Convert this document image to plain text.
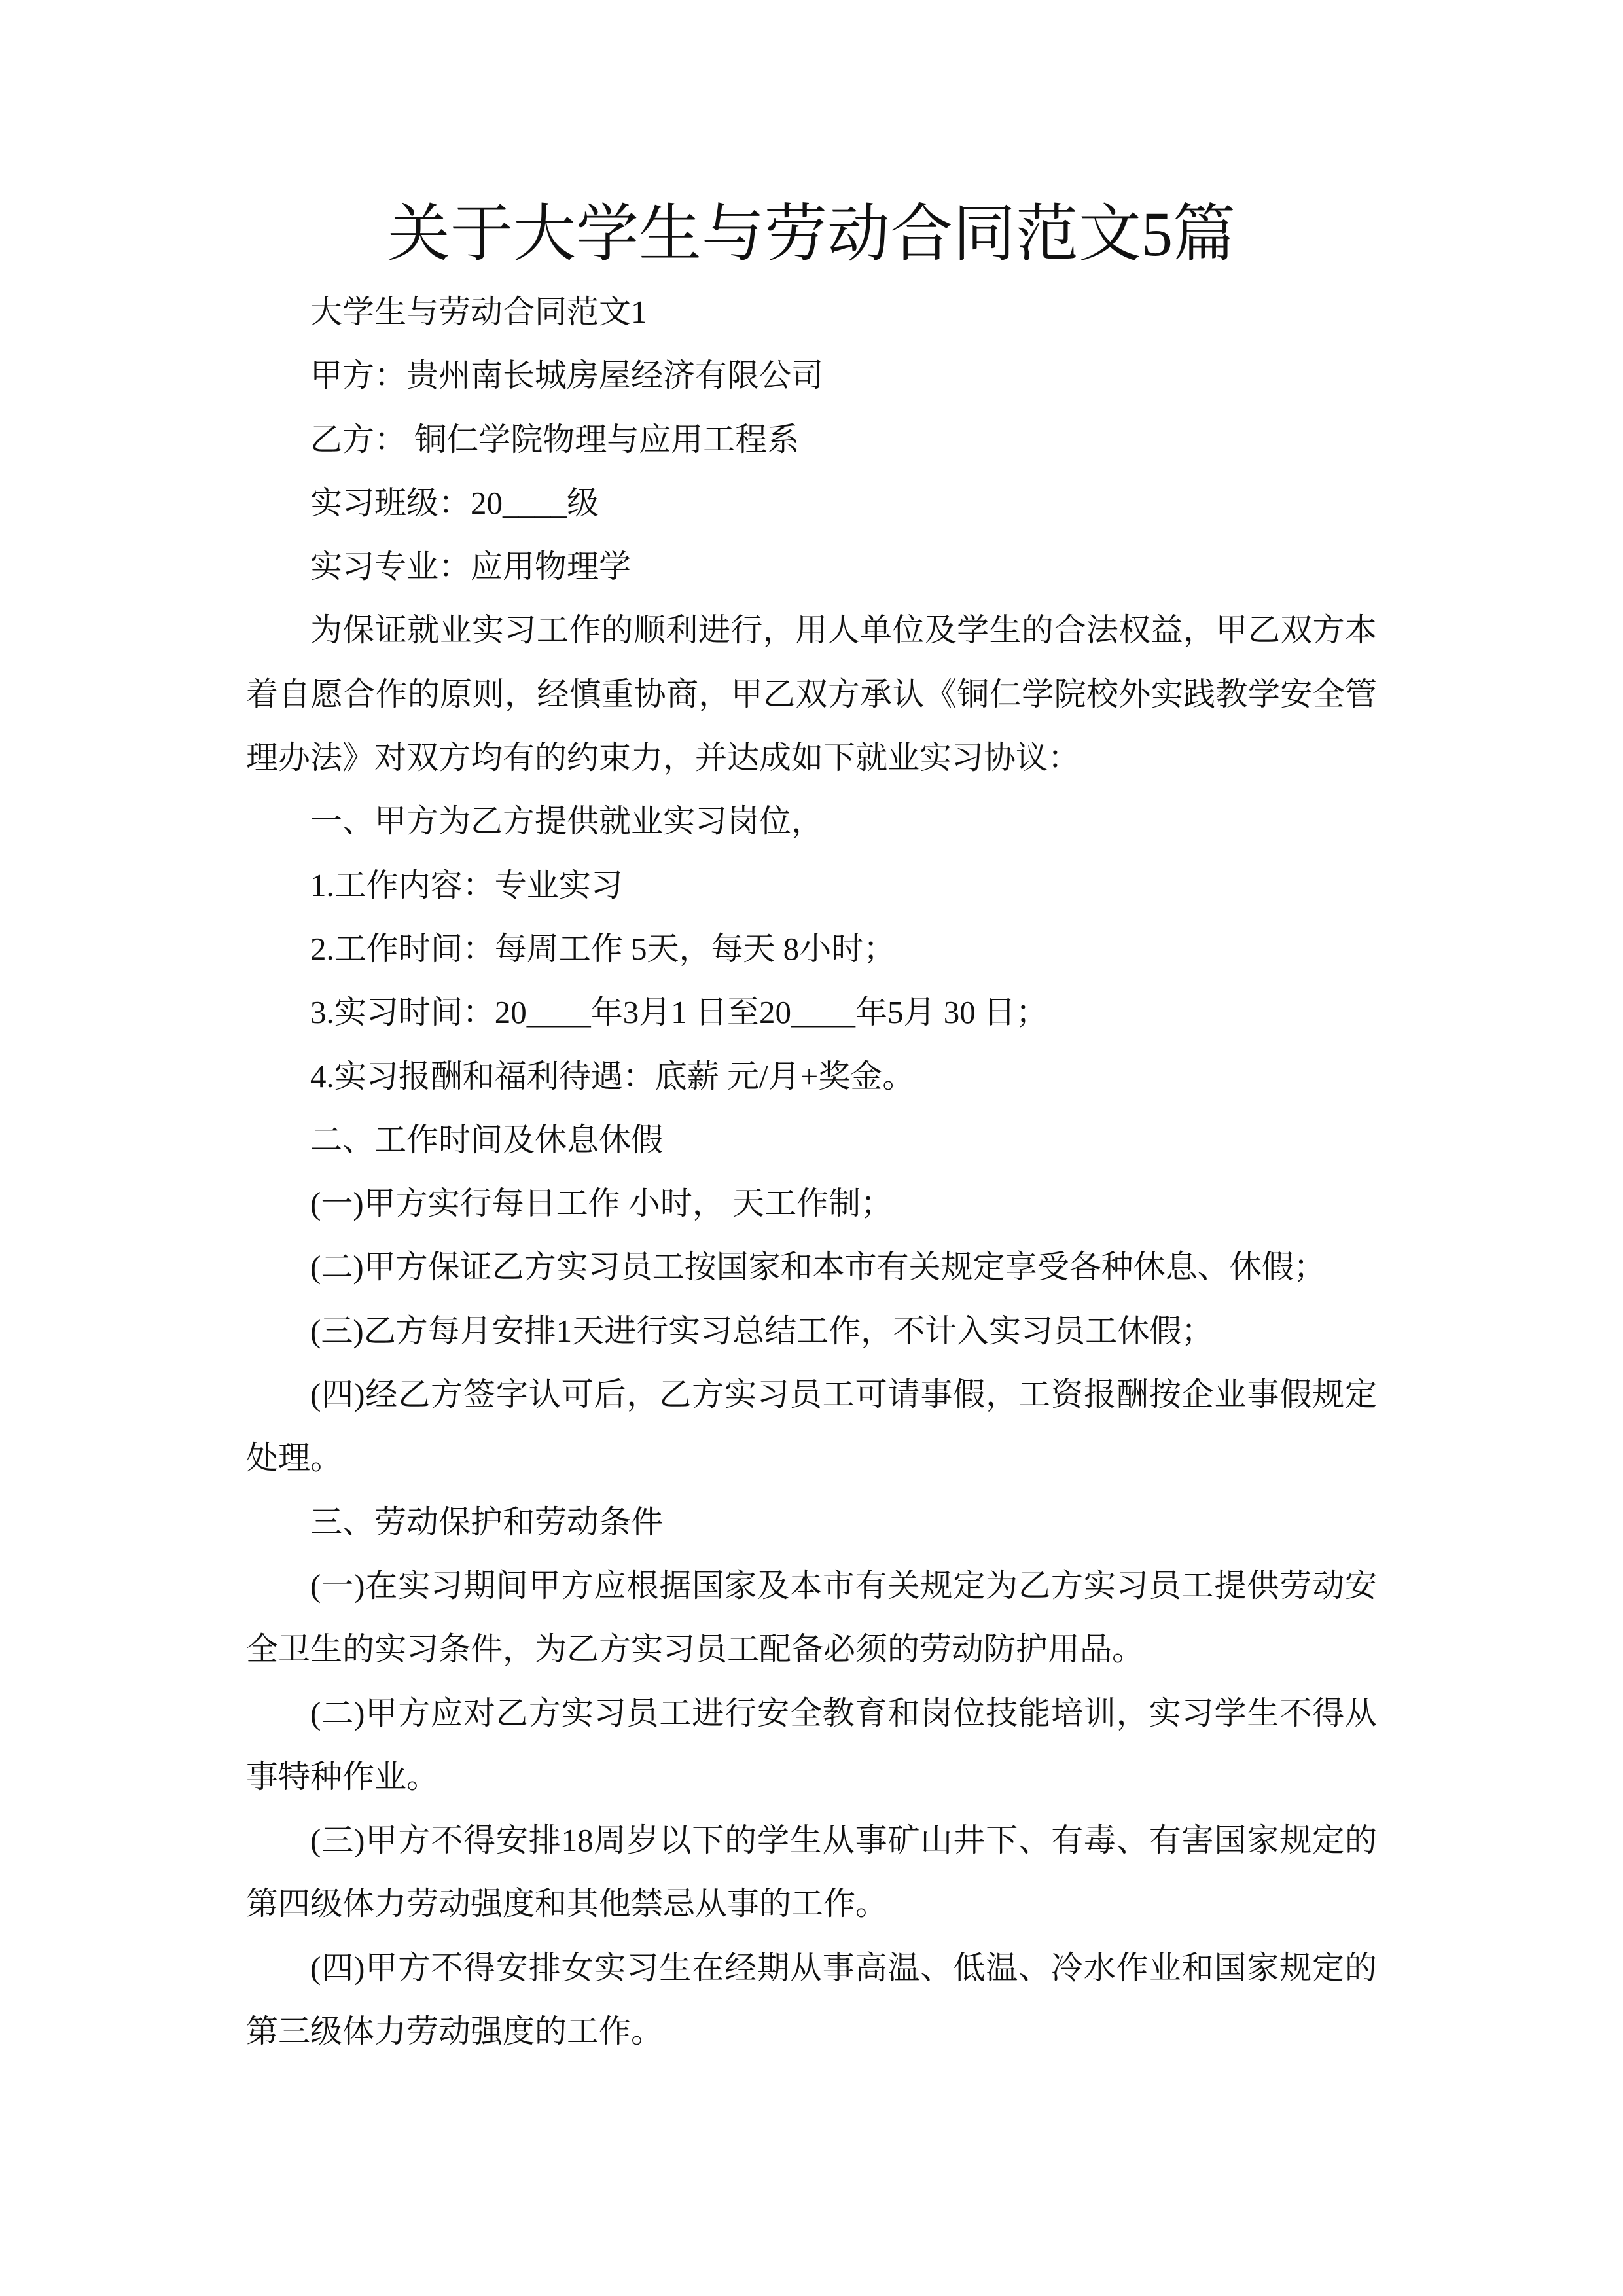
关于大学生与劳动合同范文5篇

大学生与劳动合同范文1

甲方：贵州南长城房屋经济有限公司

乙方： 铜仁学院物理与应用工程系

实习班级：20____级

实习专业：应用物理学

为保证就业实习工作的顺利进行，用人单位及学生的合法权益，甲乙双方本着自愿合作的原则，经慎重协商，甲乙双方承认《铜仁学院校外实践教学安全管理办法》对双方均有的约束力，并达成如下就业实习协议：

一、甲方为乙方提供就业实习岗位，

1.工作内容：专业实习

2.工作时间：每周工作 5天，每天 8小时；

3.实习时间：20____年3月1 日至20____年5月 30 日；

4.实习报酬和福利待遇：底薪 元/月+奖金。

二、工作时间及休息休假

(一)甲方实行每日工作 小时， 天工作制；

(二)甲方保证乙方实习员工按国家和本市有关规定享受各种休息、休假；

(三)乙方每月安排1天进行实习总结工作，不计入实习员工休假；

(四)经乙方签字认可后，乙方实习员工可请事假，工资报酬按企业事假规定处理。

三、劳动保护和劳动条件

(一)在实习期间甲方应根据国家及本市有关规定为乙方实习员工提供劳动安全卫生的实习条件，为乙方实习员工配备必须的劳动防护用品。

(二)甲方应对乙方实习员工进行安全教育和岗位技能培训，实习学生不得从事特种作业。

(三)甲方不得安排18周岁以下的学生从事矿山井下、有毒、有害国家规定的第四级体力劳动强度和其他禁忌从事的工作。

(四)甲方不得安排女实习生在经期从事高温、低温、冷水作业和国家规定的第三级体力劳动强度的工作。
